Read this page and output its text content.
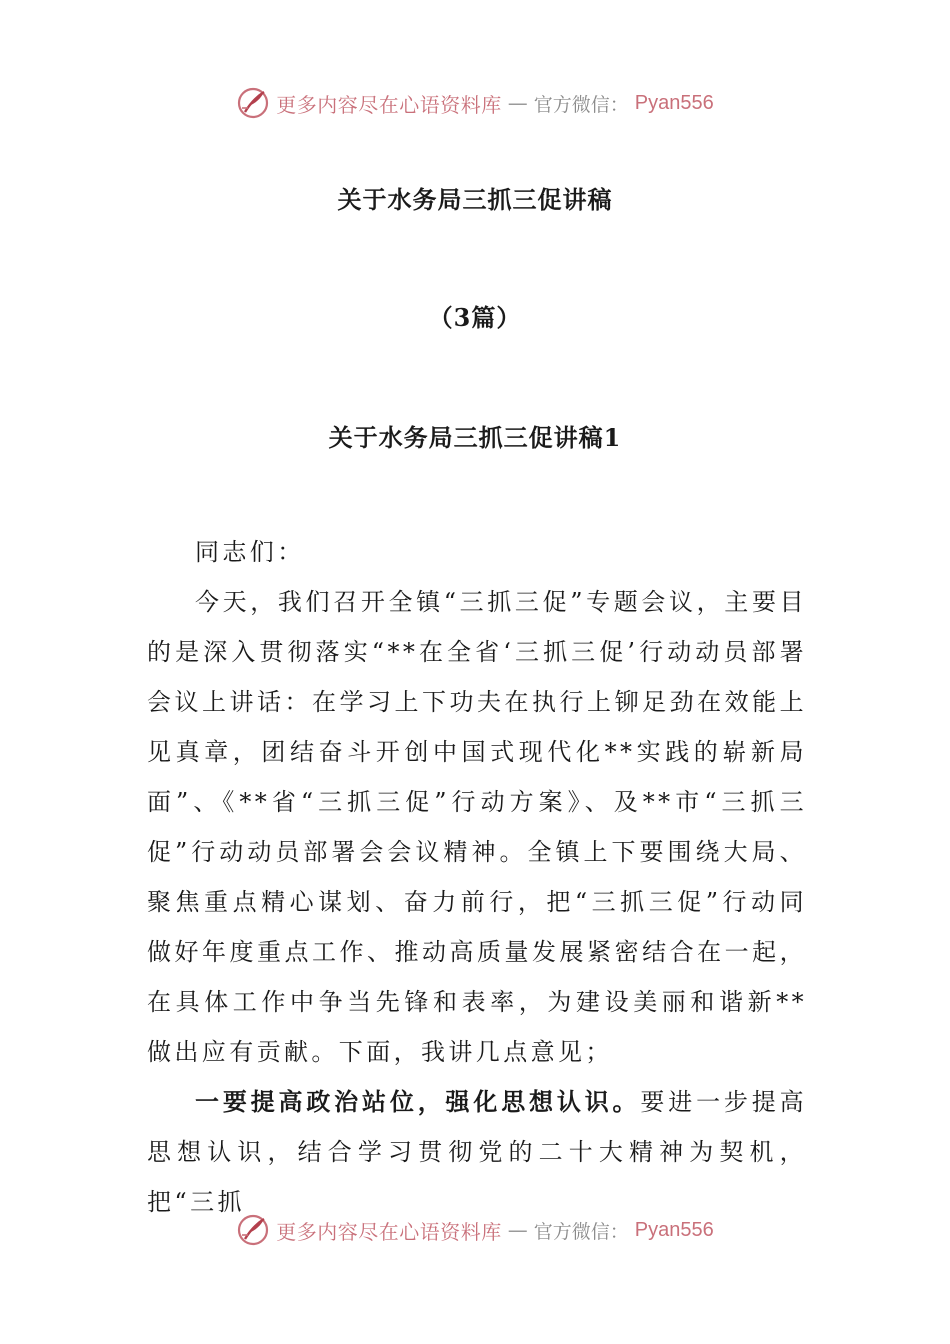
更多内容尽在心语资料库 — 官方微信： Pyan556
关于水务局三抓三促讲稿
（3篇）
关于水务局三抓三促讲稿1

同志们：

今天，我们召开全镇“三抓三促”专题会议，主要目的是深入贯彻落实“**在全省‘三抓三促’行动动员部署会议上讲话：在学习上下功夫在执行上铆足劲在效能上见真章，团结奋斗开创中国式现代化**实践的崭新局面”、《**省“三抓三促”行动方案》、及**市“三抓三促”行动动员部署会会议精神。全镇上下要围绕大局、聚焦重点精心谋划、奋力前行，把“三抓三促”行动同做好年度重点工作、推动高质量发展紧密结合在一起，在具体工作中争当先锋和表率，为建设美丽和谐新**做出应有贡献。下面，我讲几点意见；

一要提高政治站位，强化思想认识。要进一步提高思想认识，结合学习贯彻党的二十大精神为契机，把“三抓

更多内容尽在心语资料库 — 官方微信： Pyan556
